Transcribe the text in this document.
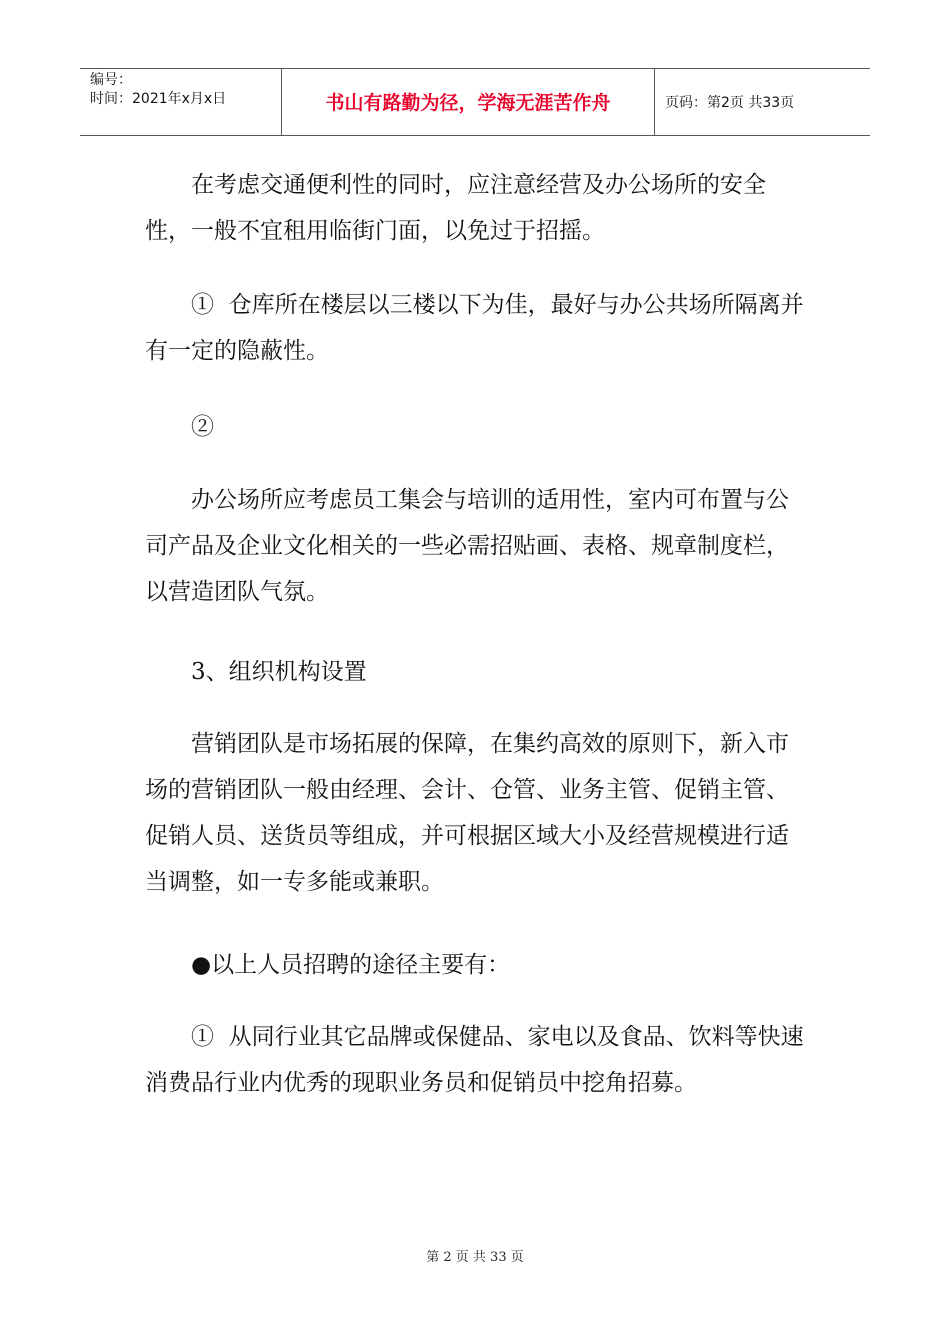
编号：
时间：2021年x月x日	书山有路勤为径，学海无涯苦作舟	页码：第2页 共33页

　　在考虑交通便利性的同时，应注意经营及办公场所的安全性，一般不宜租用临街门面，以免过于招摇。

　　①  仓库所在楼层以三楼以下为佳，最好与办公共场所隔离并有一定的隐蔽性。

　　②

　　办公场所应考虑员工集会与培训的适用性，室内可布置与公司产品及企业文化相关的一些必需招贴画、表格、规章制度栏，以营造团队气氛。

　　3、组织机构设置

　　营销团队是市场拓展的保障，在集约高效的原则下，新入市场的营销团队一般由经理、会计、仓管、业务主管、促销主管、促销人员、送货员等组成，并可根据区域大小及经营规模进行适当调整，如一专多能或兼职。

　　●以上人员招聘的途径主要有：

　　①  从同行业其它品牌或保健品、家电以及食品、饮料等快速消费品行业内优秀的现职业务员和促销员中挖角招募。

第 2 页 共 33 页
